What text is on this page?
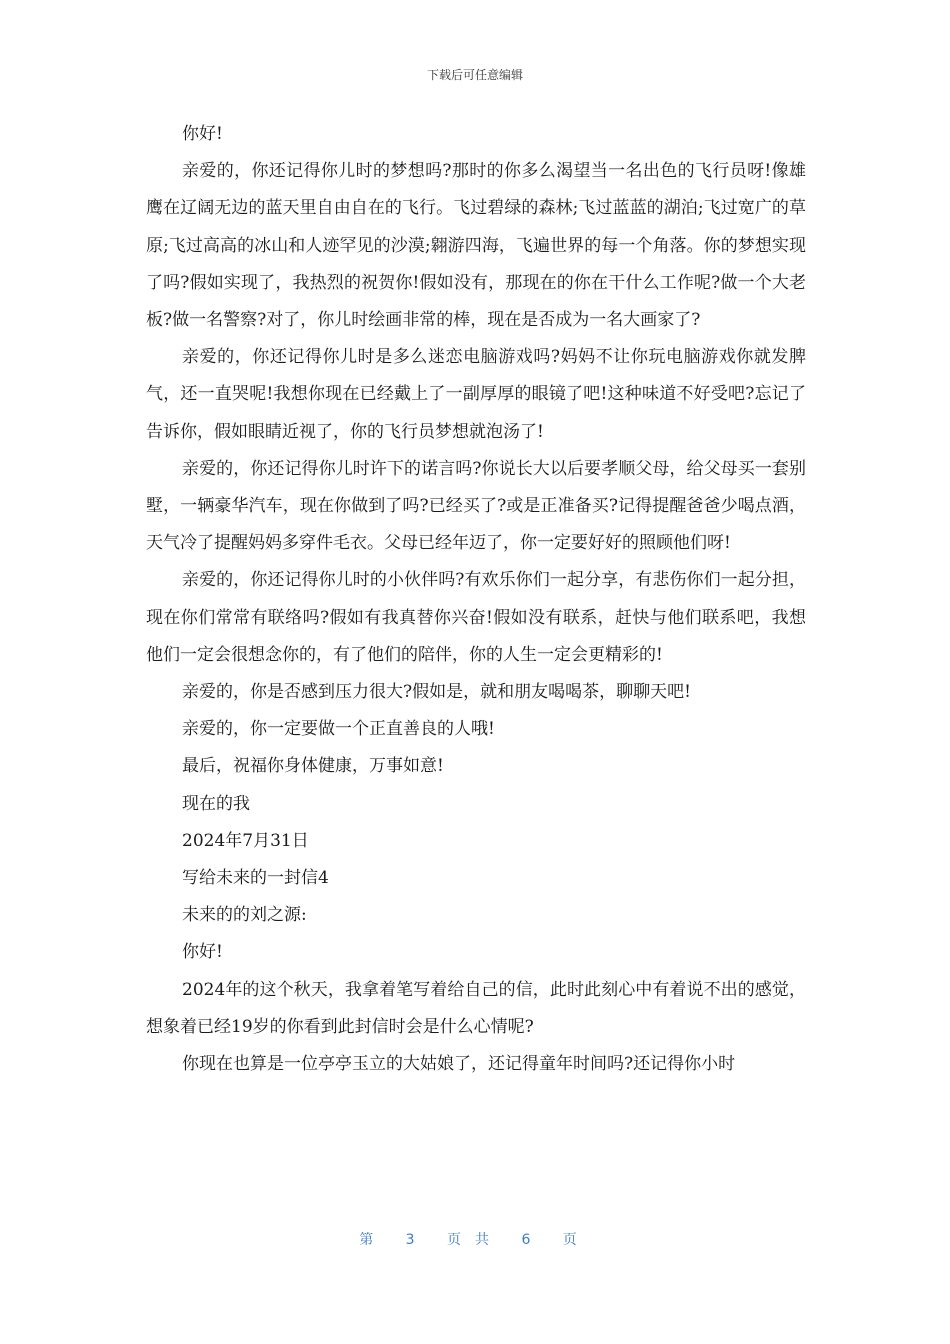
下载后可任意编辑

你好!

亲爱的，你还记得你儿时的梦想吗?那时的你多么渴望当一名出色的飞行员呀!像雄鹰在辽阔无边的蓝天里自由自在的飞行。飞过碧绿的森林;飞过蓝蓝的湖泊;飞过宽广的草原;飞过高高的冰山和人迹罕见的沙漠;翱游四海，飞遍世界的每一个角落。你的梦想实现了吗?假如实现了，我热烈的祝贺你!假如没有，那现在的你在干什么工作呢?做一个大老板?做一名警察?对了，你儿时绘画非常的棒，现在是否成为一名大画家了?

亲爱的，你还记得你儿时是多么迷恋电脑游戏吗?妈妈不让你玩电脑游戏你就发脾气，还一直哭呢!我想你现在已经戴上了一副厚厚的眼镜了吧!这种味道不好受吧?忘记了告诉你，假如眼睛近视了，你的飞行员梦想就泡汤了!

亲爱的，你还记得你儿时许下的诺言吗?你说长大以后要孝顺父母，给父母买一套别墅，一辆豪华汽车，现在你做到了吗?已经买了?或是正准备买?记得提醒爸爸少喝点酒，天气冷了提醒妈妈多穿件毛衣。父母已经年迈了，你一定要好好的照顾他们呀!

亲爱的，你还记得你儿时的小伙伴吗?有欢乐你们一起分享，有悲伤你们一起分担，现在你们常常有联络吗?假如有我真替你兴奋!假如没有联系，赶快与他们联系吧，我想他们一定会很想念你的，有了他们的陪伴，你的人生一定会更精彩的!

亲爱的，你是否感到压力很大?假如是，就和朋友喝喝茶，聊聊天吧!

亲爱的，你一定要做一个正直善良的人哦!

最后，祝福你身体健康，万事如意!

现在的我

2024年7月31日

写给未来的一封信4

未来的的刘之源:

你好!

2024年的这个秋天，我拿着笔写着给自己的信，此时此刻心中有着说不出的感觉，想象着已经19岁的你看到此封信时会是什么心情呢?

你现在也算是一位亭亭玉立的大姑娘了，还记得童年时间吗?还记得你小时

第 3 页共 6 页
